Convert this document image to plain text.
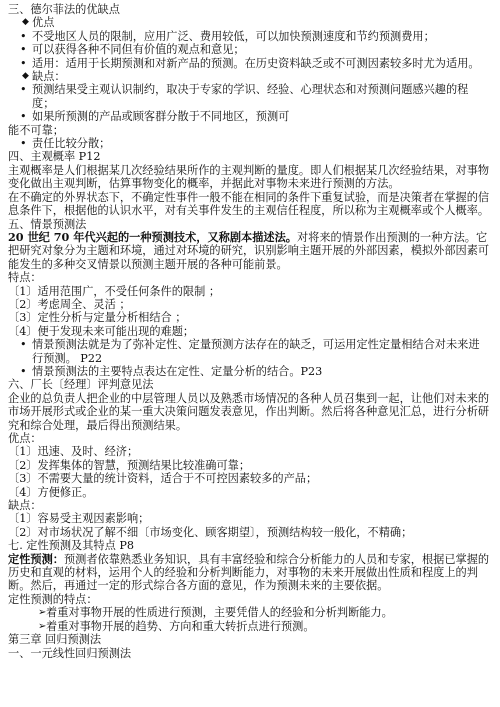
三、德尔菲法的优缺点
◆ 优点
• 不受地区人员的限制，应用广泛、费用较低，可以加快预测速度和节约预测费用；
• 可以获得各种不同但有价值的观点和意见；
• 适用：适用于长期预测和对新产品的预测。在历史资料缺乏或不可测因素较多时尤为适用。
◆ 缺点：
• 预测结果受主观认识制约，取决于专家的学识、经验、心理状态和对预测问题感兴趣的程度；
• 如果所预测的产品或顾客群分散于不同地区，预测可
能不可靠；
• 责任比较分散；
四、主观概率 P12
主观概率是人们根据某几次经验结果所作的主观判断的量度。即人们根据某几次经验结果，对事物变化做出主观判断，估算事物变化的概率，并据此对事物未来进行预测的方法。
在不确定的外界状态下，不确定性事件一般不能在相同的条件下重复试验，而是决策者在掌握的信息条件下，根据他的认识水平，对有关事件发生的主观信任程度，所以称为主观概率或个人概率。
五、情景预测法
20 世纪 70 年代兴起的一种预测技术，又称剧本描述法。对将来的情景作出预测的一种方法。它把研究对象分为主题和环境，通过对环境的研究，识别影响主题开展的外部因素，模拟外部因素可能发生的多种交叉情景以预测主题开展的各种可能前景。
特点：
〔1〕适用范围广，不受任何条件的限制 ；
〔2〕考虑周全、灵活 ；
〔3〕定性分析与定量分析相结合 ；
〔4〕便于发现未来可能出现的难题；
• 情景预测法就是为了弥补定性、定量预测方法存在的缺乏，可运用定性定量相结合对未来进行预测。 P22
• 情景预测法的主要特点表达在定性、定量分析的结合。P23
六、厂长〔经理〕评判意见法
企业的总负责人把企业的中层管理人员以及熟悉市场情况的各种人员召集到一起，让他们对未来的市场开展形式或企业的某一重大决策问题发表意见，作出判断。然后将各种意见汇总，进行分析研究和综合处理，最后得出预测结果。
优点：
〔1〕迅速、及时、经济；
〔2〕发挥集体的智慧，预测结果比较准确可靠；
〔3〕不需要大量的统计资料，适合于不可控因素较多的产品；
〔4〕方便修正。
缺点：
〔1〕容易受主观因素影响；
〔2〕对市场状况了解不细〔市场变化、顾客期望〕，预测结构较一般化，不精确；
七. 定性预测及其特点 P8
定性预测：预测者依靠熟悉业务知识，具有丰富经验和综合分析能力的人员和专家，根据已掌握的历史和直观的材料，运用个人的经验和分析判断能力，对事物的未来开展做出性质和程度上的判断。然后，再通过一定的形式综合各方面的意见，作为预测未来的主要依据。
定性预测的特点：
➢ 着重对事物开展的性质进行预测，主要凭借人的经验和分析判断能力。
➢ 着重对事物开展的趋势、方向和重大转折点进行预测。
第三章 回归预测法
一、一元线性回归预测法
